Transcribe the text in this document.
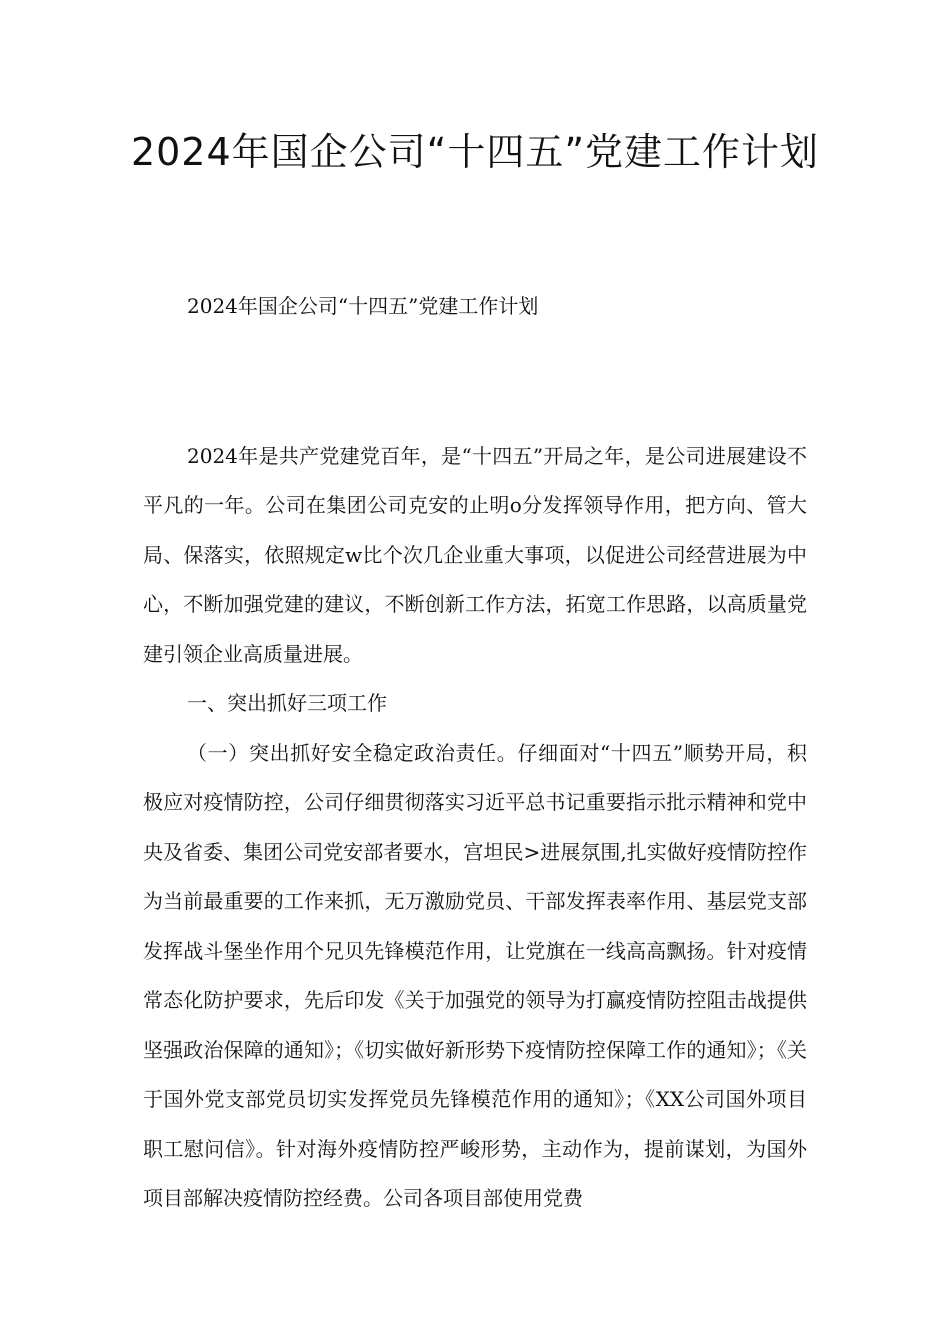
2024年国企公司“十四五”党建工作计划

2024年国企公司“十四五”党建工作计划

2024年是共产党建党百年，是“十四五”开局之年，是公司进展建设不平凡的一年。公司在集团公司克安的止明o分发挥领导作用，把方向、管大局、保落实，依照规定w比个次几企业重大事项，以促进公司经营进展为中心，不断加强党建的建议，不断创新工作方法，拓宽工作思路，以高质量党建引领企业高质量进展。

一、突出抓好三项工作

（一）突出抓好安全稳定政治责任。仔细面对“十四五”顺势开局，积极应对疫情防控，公司仔细贯彻落实习近平总书记重要指示批示精神和党中央及省委、集团公司党安部者要水，宫坦民>进展氛围,扎实做好疫情防控作为当前最重要的工作来抓，无万激励党员、干部发挥表率作用、基层党支部发挥战斗堡坐作用个兄贝先锋模范作用，让党旗在一线高高飘扬。针对疫情常态化防护要求，先后印发《关于加强党的领导为打赢疫情防控阻击战提供坚强政治保障的通知》；《切实做好新形势下疫情防控保障工作的通知》；《关于国外党支部党员切实发挥党员先锋模范作用的通知》；《XX公司国外项目职工慰问信》。针对海外疫情防控严峻形势，主动作为，提前谋划，为国外项目部解决疫情防控经费。公司各项目部使用党费
